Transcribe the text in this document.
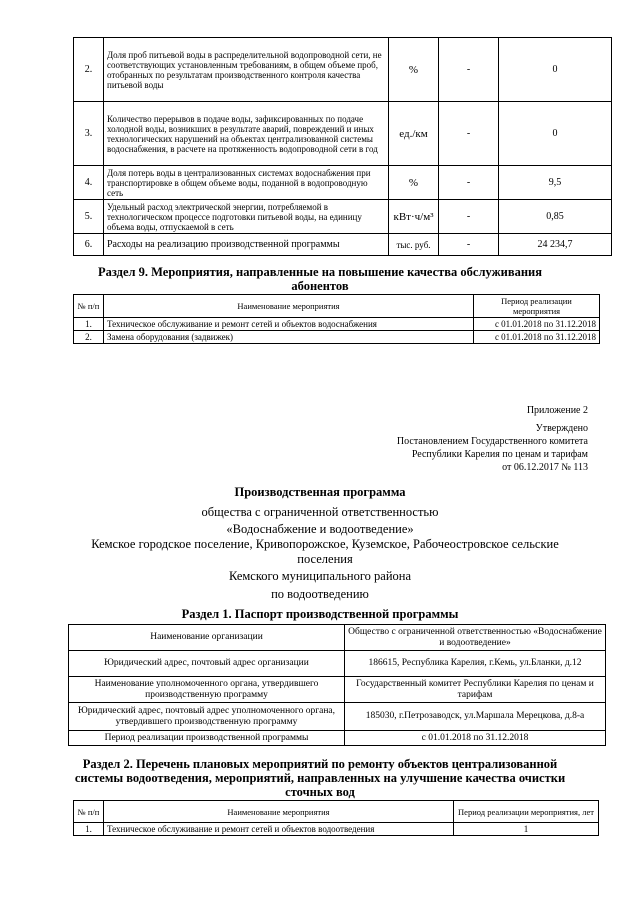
2.	Доля проб питьевой воды в распределительной водопроводной сети, не соответствующих установленным требованиям, в общем объеме проб, отобранных по результатам производственного контроля качества питьевой воды	%	-	0
3.	Количество перерывов в подаче воды, зафиксированных по подаче холодной воды, возникших в результате аварий, повреждений и иных технологических нарушений на объектах централизованной системы водоснабжения, в расчете на протяженность водопроводной сети в год	ед./км	-	0
4.	Доля потерь воды в централизованных системах водоснабжения при транспортировке в общем объеме воды, поданной в водопроводную сеть	%	-	9,5
5.	Удельный расход электрической энергии, потребляемой в технологическом процессе подготовки питьевой воды, на единицу объема воды, отпускаемой в сеть	кВт·ч/м³	-	0,85
6.	Расходы на реализацию производственной программы	тыс. руб.	-	24 234,7
Раздел 9. Мероприятия, направленные на повышение качества обслуживания абонентов
№ п/п	Наименование мероприятия	Период реализации мероприятия
1.	Техническое обслуживание и ремонт сетей и объектов водоснабжения	с 01.01.2018 по 31.12.2018
2.	Замена оборудования (задвижек)	с 01.01.2018 по 31.12.2018
Приложение 2
Утверждено
Постановлением Государственного комитета
Республики Карелия по ценам и тарифам
от 06.12.2017 № 113
Производственная программа
общества с ограниченной ответственностью
«Водоснабжение и водоотведение»
Кемское городское поселение, Кривопорожское, Куземское, Рабочеостровское сельские поселения
Кемского муниципального района
по водоотведению
Раздел 1. Паспорт производственной программы
Наименование организации	Общество с ограниченной ответственностью «Водоснабжение и водоотведение»
Юридический адрес, почтовый адрес организации	186615, Республика Карелия, г.Кемь, ул.Бланки, д.12
Наименование уполномоченного органа, утвердившего производственную программу	Государственный комитет Республики Карелия по ценам и тарифам
Юридический адрес, почтовый адрес уполномоченного органа, утвердившего производственную программу	185030, г.Петрозаводск, ул.Маршала Мерецкова, д.8-а
Период реализации производственной программы	с 01.01.2018 по 31.12.2018
Раздел 2. Перечень плановых мероприятий по ремонту объектов централизованной системы водоотведения, мероприятий, направленных на улучшение качества очистки сточных вод
№ п/п	Наименование мероприятия	Период реализации мероприятия, лет
1.	Техническое обслуживание и ремонт сетей и объектов водоотведения	1
